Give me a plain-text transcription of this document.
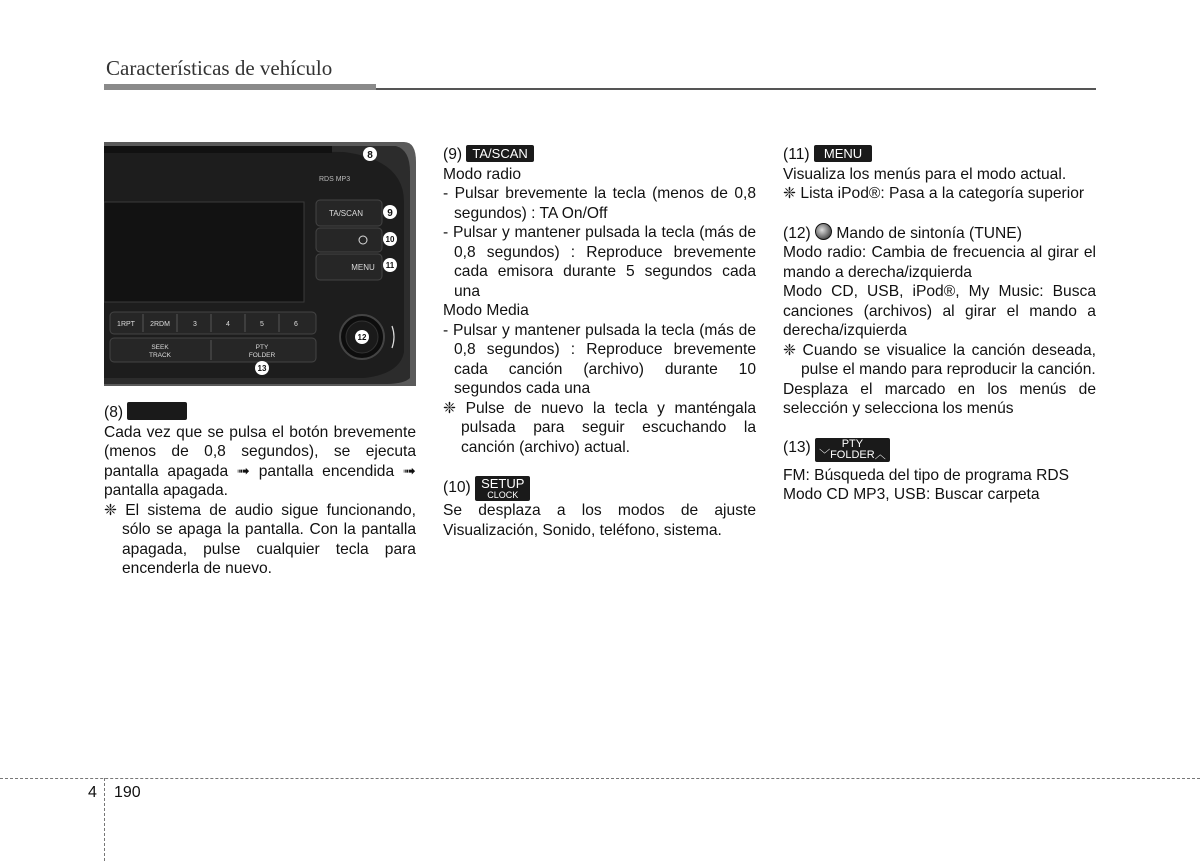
Características de vehículo
RDS MP3
TA/SCAN
MENU
1RPT 2RDM	3	4	5	6
SEEK
TRACK
PTY
FOLDER
8
9
10
11
12
13

(8)

Cada vez que se pulsa el botón brevemente (menos de 0,8 segundos), se ejecuta pantalla apagada ➟ pantalla encendida ➟ pantalla apagada.

❈ El sistema de audio sigue funcionando, sólo se apaga la pantalla. Con la pantalla apagada, pulse cualquier tecla para encenderla de nuevo.

(9) TA/SCAN

Modo radio

- Pulsar brevemente la tecla (menos de 0,8 segundos) : TA On/Off

- Pulsar y mantener pulsada la tecla (más de 0,8 segundos) : Reproduce brevemente cada emisora durante 5 segundos cada una

Modo Media

- Pulsar y mantener pulsada la tecla (más de 0,8 segundos) : Reproduce brevemente cada canción (archivo) durante 10 segundos cada una

❈ Pulse de nuevo la tecla y manténgala pulsada para seguir escuchando la canción (archivo) actual.

(10) SETUP
CLOCK

Se desplaza a los modos de ajuste Visualización, Sonido, teléfono, sistema.

(11) MENU

Visualiza los menús para el modo actual.

❈ Lista iPod®: Pasa a la categoría superior

(12) Mando de sintonía (TUNE)

Modo radio: Cambia de frecuencia al girar el mando a derecha/izquierda

Modo CD, USB, iPod®, My Music: Busca canciones (archivos) al girar el mando a derecha/izquierda

❈ Cuando se visualice la canción deseada, pulse el mando para reproducir la canción.

Desplaza el marcado en los menús de selección y selecciona los menús

(13)	PTY
﹀FOLDER︿

FM: Búsqueda del tipo de programa RDS

Modo CD MP3, USB: Buscar carpeta

4 190
